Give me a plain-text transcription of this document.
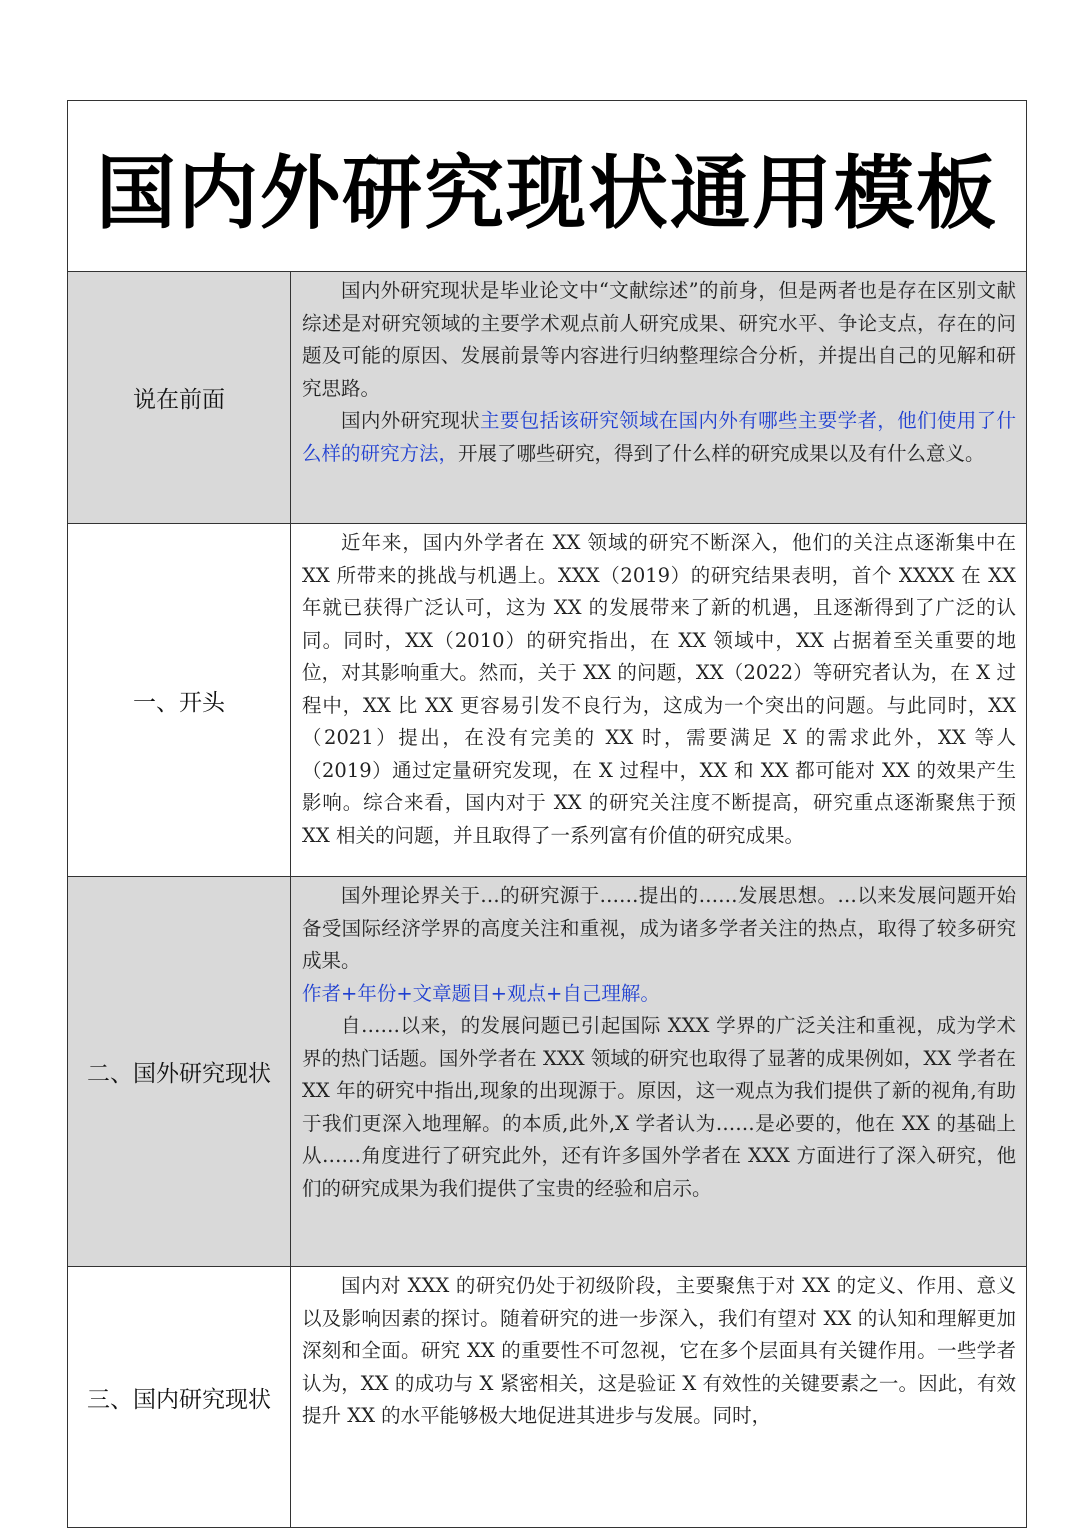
国内外研究现状通用模板
说在前面

国内外研究现状是毕业论文中“文献综述”的前身，但是两者也是存在区别文献综述是对研究领域的主要学术观点前人研究成果、研究水平、争论支点，存在的问题及可能的原因、发展前景等内容进行归纳整理综合分析，并提出自己的见解和研究思路。

国内外研究现状主要包括该研究领域在国内外有哪些主要学者，他们使用了什么样的研究方法，开展了哪些研究，得到了什么样的研究成果以及有什么意义。

一、开头

近年来，国内外学者在 XX 领域的研究不断深入，他们的关注点逐渐集中在 XX 所带来的挑战与机遇上。XXX（2019）的研究结果表明，首个 XXXX 在 XX 年就已获得广泛认可，这为 XX 的发展带来了新的机遇，且逐渐得到了广泛的认同。同时，XX（2010）的研究指出，在 XX 领域中，XX 占据着至关重要的地位，对其影响重大。然而，关于 XX 的问题，XX（2022）等研究者认为，在 X 过程中，XX 比 XX 更容易引发不良行为，这成为一个突出的问题。与此同时，XX（2021）提出，在没有完美的 XX 时，需要满足 X 的需求此外，XX 等人（2019）通过定量研究发现，在 X 过程中，XX 和 XX 都可能对 XX 的效果产生影响。综合来看，国内对于 XX 的研究关注度不断提高，研究重点逐渐聚焦于预 XX 相关的问题，并且取得了一系列富有价值的研究成果。

二、国外研究现状

国外理论界关于…的研究源于……提出的……发展思想。…以来发展问题开始备受国际经济学界的高度关注和重视，成为诸多学者关注的热点，取得了较多研究成果。

作者+年份+文章题目+观点+自己理解。

自……以来，的发展问题已引起国际 XXX 学界的广泛关注和重视，成为学术界的热门话题。国外学者在 XXX 领域的研究也取得了显著的成果例如，XX 学者在 XX 年的研究中指出,现象的出现源于。原因，这一观点为我们提供了新的视角,有助于我们更深入地理解。的本质,此外,X 学者认为……是必要的，他在 XX 的基础上从……角度进行了研究此外，还有许多国外学者在 XXX 方面进行了深入研究，他们的研究成果为我们提供了宝贵的经验和启示。

三、国内研究现状

国内对 XXX 的研究仍处于初级阶段，主要聚焦于对 XX 的定义、作用、意义以及影响因素的探讨。随着研究的进一步深入，我们有望对 XX 的认知和理解更加深刻和全面。研究 XX 的重要性不可忽视，它在多个层面具有关键作用。一些学者认为，XX 的成功与 X 紧密相关，这是验证 X 有效性的关键要素之一。因此，有效提升 XX 的水平能够极大地促进其进步与发展。同时，
